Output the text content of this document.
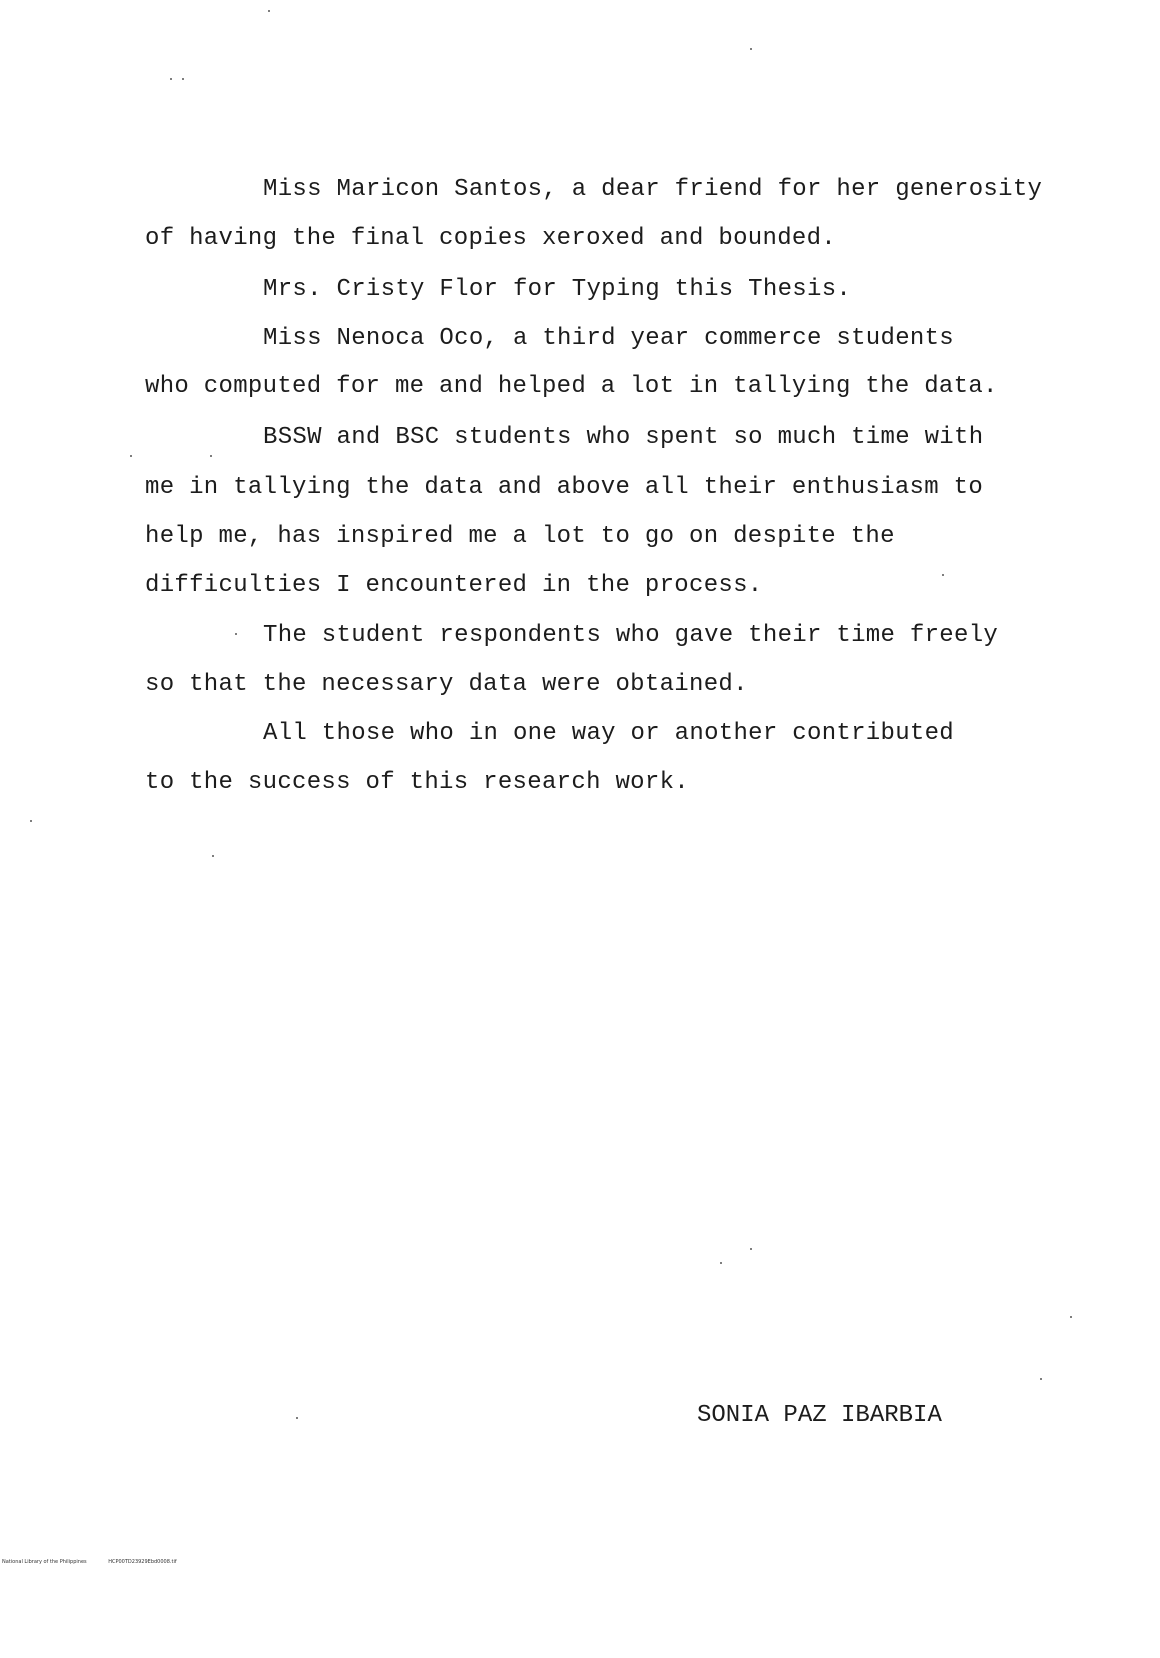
Miss Maricon Santos, a dear friend for her generosity
of having the final copies xeroxed and bounded.
Mrs. Cristy Flor for Typing this Thesis.
Miss Nenoca Oco, a third year commerce students
who computed for me and helped a lot in tallying the data.
BSSW and BSC students who spent so much time with
me in tallying the data and above all their enthusiasm to
help me, has inspired me a lot to go on despite the
difficulties I encountered in the process.
The student respondents who gave their time freely
so that the necessary data were obtained.
All those who in one way or another contributed
to the success of this research work.
SONIA PAZ IBARBIA
National Library of the Philippines	HCP00TD23929Ebd0008.tif
